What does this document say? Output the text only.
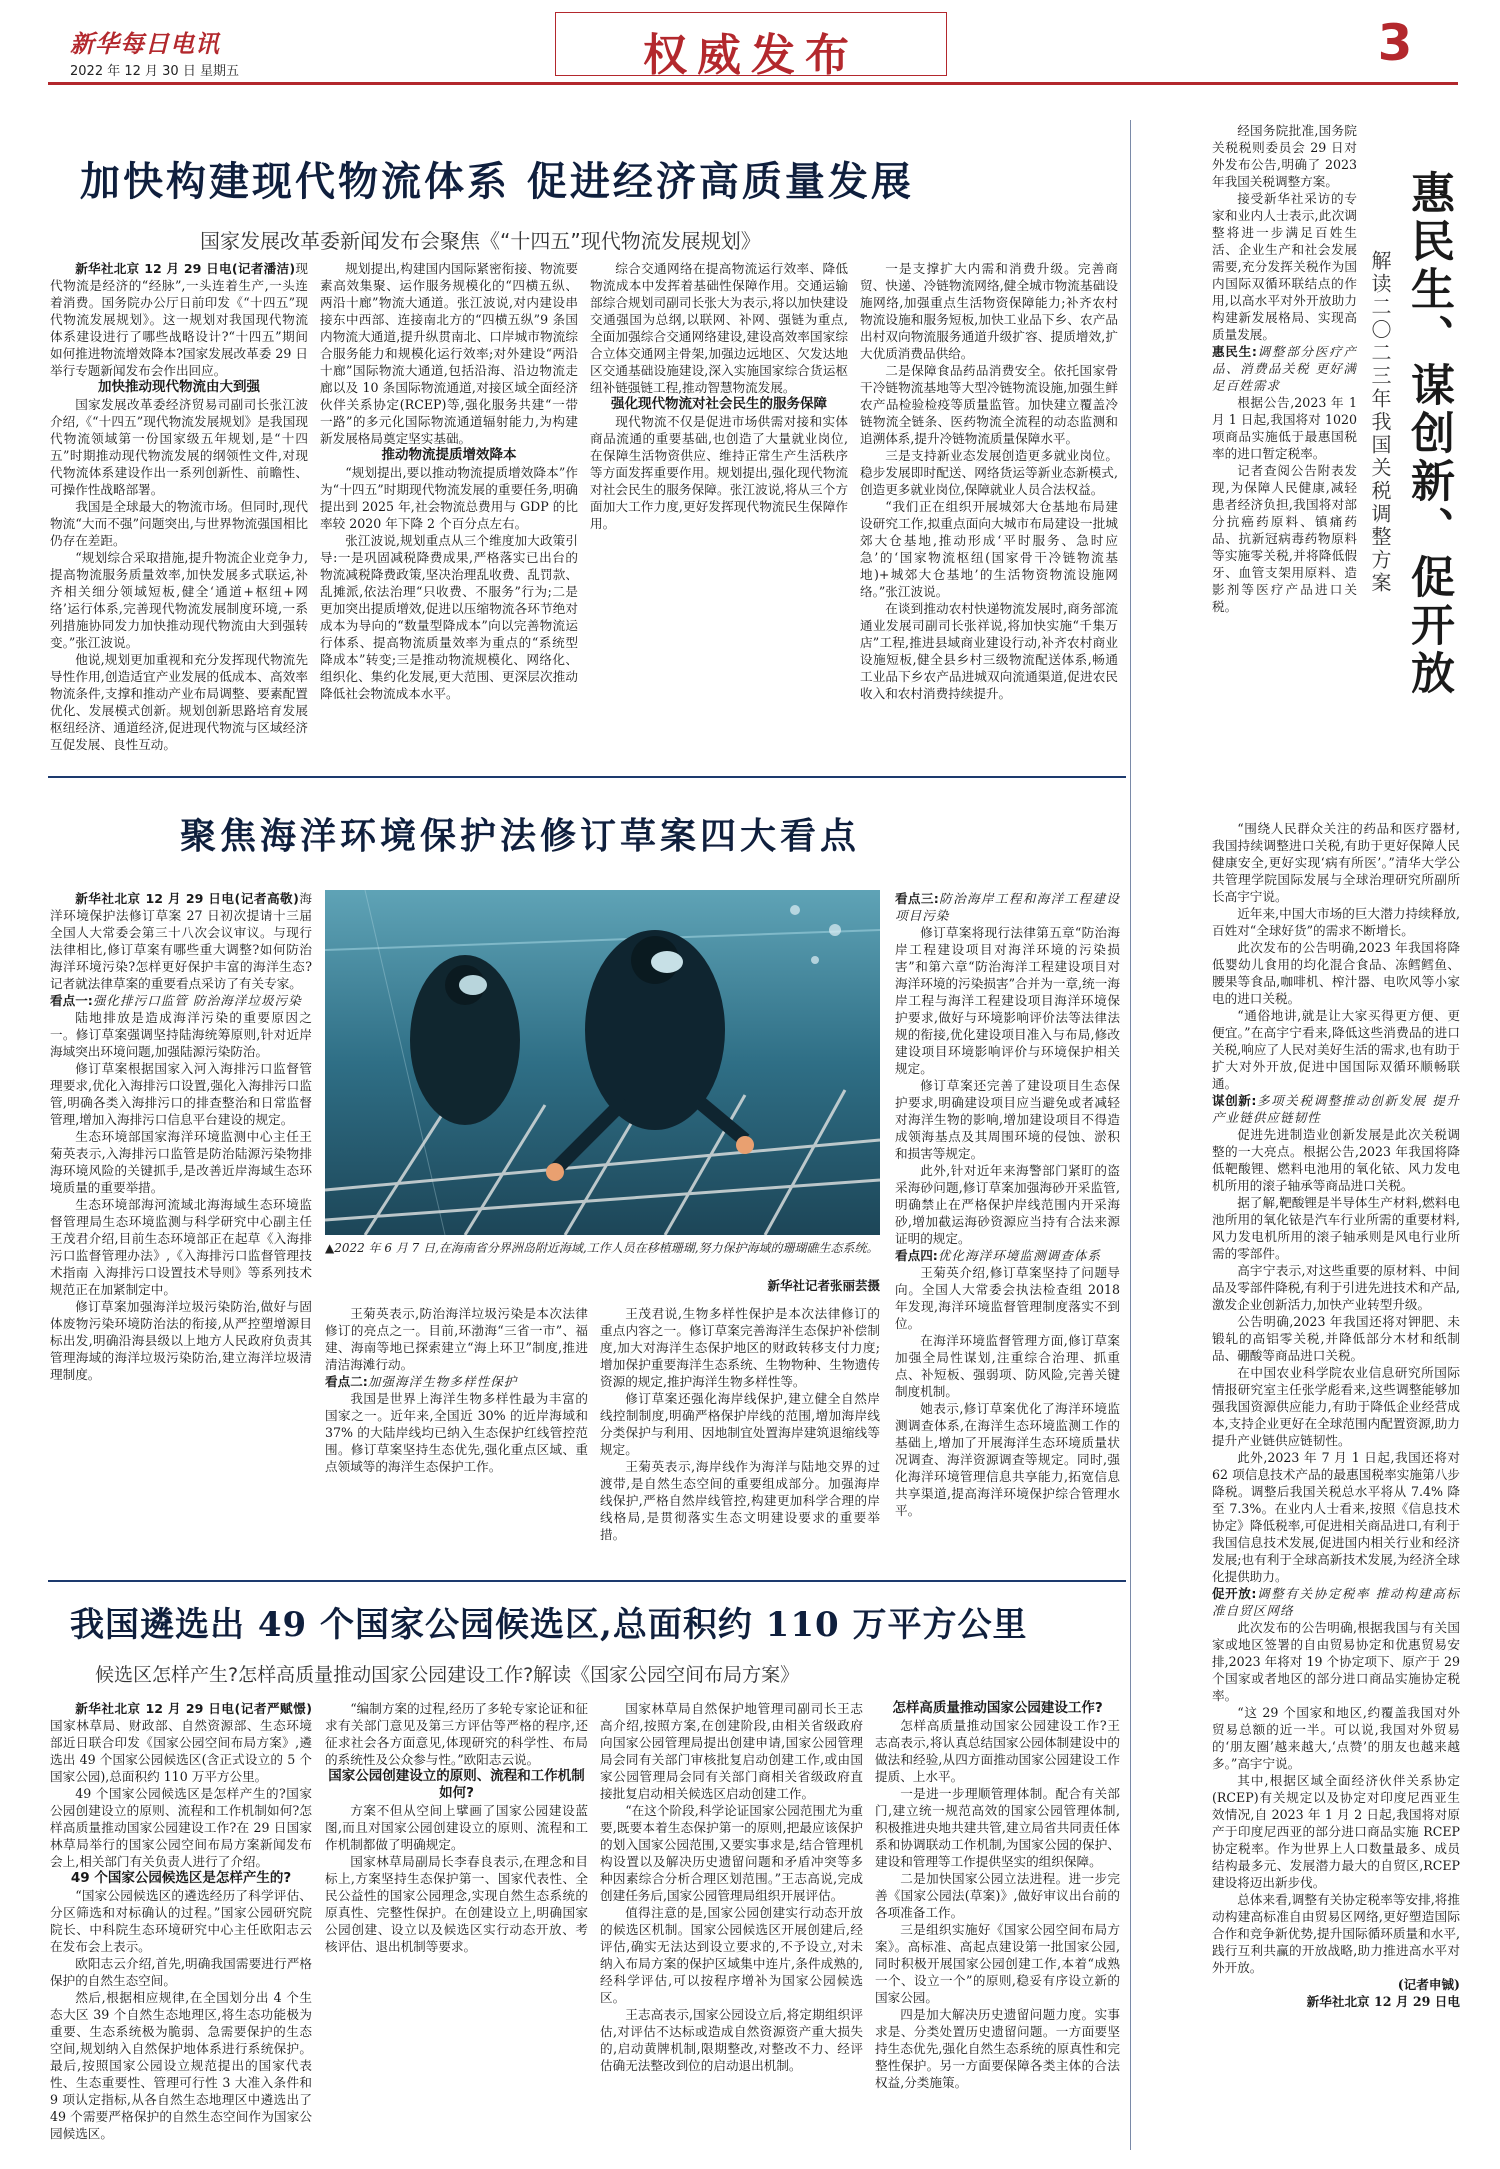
新华每日电讯
2022 年 12 月 30 日 星期五	权威发布	3
加快构建现代物流体系 促进经济高质量发展
国家发展改革委新闻发布会聚焦《“十四五”现代物流发展规划》

新华社北京 12 月 29 日电(记者潘洁)现代物流是经济的“经脉”,一头连着生产,一头连着消费。国务院办公厅日前印发《“十四五”现代物流发展规划》。这一规划对我国现代物流体系建设进行了哪些战略设计?“十四五”期间如何推进物流增效降本?国家发展改革委 29 日举行专题新闻发布会作出回应。

加快推动现代物流由大到强

国家发展改革委经济贸易司副司长张江波介绍,《“十四五”现代物流发展规划》是我国现代物流领域第一份国家级五年规划,是“十四五”时期推动现代物流发展的纲领性文件,对现代物流体系建设作出一系列创新性、前瞻性、可操作性战略部署。

我国是全球最大的物流市场。但同时,现代物流“大而不强”问题突出,与世界物流强国相比仍存在差距。

“规划综合采取措施,提升物流企业竞争力,提高物流服务质量效率,加快发展多式联运,补齐相关细分领域短板,健全‘通道+枢纽+网络’运行体系,完善现代物流发展制度环境,一系列措施协同发力加快推动现代物流由大到强转变。”张江波说。

他说,规划更加重视和充分发挥现代物流先导性作用,创造适宜产业发展的低成本、高效率物流条件,支撑和推动产业布局调整、要素配置优化、发展模式创新。规划创新思路培育发展枢纽经济、通道经济,促进现代物流与区域经济互促发展、良性互动。

规划提出,构建国内国际紧密衔接、物流要素高效集聚、运作服务规模化的“四横五纵、两沿十廊”物流大通道。张江波说,对内建设串接东中西部、连接南北方的“四横五纵”9 条国内物流大通道,提升纵贯南北、口岸城市物流综合服务能力和规模化运行效率;对外建设“两沿十廊”国际物流大通道,包括沿海、沿边物流走廊以及 10 条国际物流通道,对接区域全面经济伙伴关系协定(RCEP)等,强化服务共建“一带一路”的多元化国际物流通道辐射能力,为构建新发展格局奠定坚实基础。

推动物流提质增效降本

“规划提出,要以推动物流提质增效降本”作为“十四五”时期现代物流发展的重要任务,明确提出到 2025 年,社会物流总费用与 GDP 的比率较 2020 年下降 2 个百分点左右。

张江波说,规划重点从三个维度加大政策引导:一是巩固减税降费成果,严格落实已出台的物流减税降费政策,坚决治理乱收费、乱罚款、乱摊派,依法治理“只收费、不服务”行为;二是更加突出提质增效,促进以压缩物流各环节绝对成本为导向的“数量型降成本”向以完善物流运行体系、提高物流质量效率为重点的“系统型降成本”转变;三是推动物流规模化、网络化、组织化、集约化发展,更大范围、更深层次推动降低社会物流成本水平。

综合交通网络在提高物流运行效率、降低物流成本中发挥着基础性保障作用。交通运输部综合规划司副司长张大为表示,将以加快建设交通强国为总纲,以联网、补网、强链为重点,全面加强综合交通网络建设,建设高效率国家综合立体交通网主骨架,加强边远地区、欠发达地区交通基础设施建设,深入实施国家综合货运枢纽补链强链工程,推动智慧物流发展。

强化现代物流对社会民生的服务保障

现代物流不仅是促进市场供需对接和实体商品流通的重要基础,也创造了大量就业岗位,在保障生活物资供应、维持正常生产生活秩序等方面发挥重要作用。规划提出,强化现代物流对社会民生的服务保障。张江波说,将从三个方面加大工作力度,更好发挥现代物流民生保障作用。

一是支撑扩大内需和消费升级。完善商贸、快递、冷链物流网络,健全城市物流基础设施网络,加强重点生活物资保障能力;补齐农村物流设施和服务短板,加快工业品下乡、农产品出村双向物流服务通道升级扩容、提质增效,扩大优质消费品供给。

二是保障食品药品消费安全。依托国家骨干冷链物流基地等大型冷链物流设施,加强生鲜农产品检验检疫等质量监管。加快建立覆盖冷链物流全链条、医药物流全流程的动态监测和追溯体系,提升冷链物流质量保障水平。

三是支持新业态发展创造更多就业岗位。稳步发展即时配送、网络货运等新业态新模式,创造更多就业岗位,保障就业人员合法权益。

“我们正在组织开展城郊大仓基地布局建设研究工作,拟重点面向大城市布局建设一批城郊大仓基地,推动形成‘平时服务、急时应急’的‘国家物流枢纽(国家骨干冷链物流基地)+城郊大仓基地’的生活物资物流设施网络。”张江波说。

在谈到推动农村快递物流发展时,商务部流通业发展司副司长张祥说,将加快实施“千集万店”工程,推进县域商业建设行动,补齐农村商业设施短板,健全县乡村三级物流配送体系,畅通工业品下乡农产品进城双向流通渠道,促进农民收入和农村消费持续提升。

经国务院批准,国务院关税税则委员会 29 日对外发布公告,明确了 2023 年我国关税调整方案。

接受新华社采访的专家和业内人士表示,此次调整将进一步满足百姓生活、企业生产和社会发展需要,充分发挥关税作为国内国际双循环联结点的作用,以高水平对外开放助力构建新发展格局、实现高质量发展。

惠民生:调整部分医疗产品、消费品关税 更好满足百姓需求

根据公告,2023 年 1 月 1 日起,我国将对 1020 项商品实施低于最惠国税率的进口暂定税率。

记者查阅公告附表发现,为保障人民健康,减轻患者经济负担,我国将对部分抗癌药原料、镇痛药品、抗新冠病毒药物原料等实施零关税,并将降低假牙、血管支架用原料、造影剂等医疗产品进口关税。	惠民生、谋创新、促开放
解读二〇二三年我国关税调整方案

“围绕人民群众关注的药品和医疗器材,我国持续调整进口关税,有助于更好保障人民健康安全,更好实现‘病有所医’。”清华大学公共管理学院国际发展与全球治理研究所副所长高宇宁说。

近年来,中国大市场的巨大潜力持续释放,百姓对“全球好货”的需求不断增长。

此次发布的公告明确,2023 年我国将降低婴幼儿食用的均化混合食品、冻鳕鳕鱼、腰果等食品,咖啡机、榨汁器、电吹风等小家电的进口关税。

“通俗地讲,就是让大家买得更方便、更便宜。”在高宇宁看来,降低这些消费品的进口关税,响应了人民对美好生活的需求,也有助于扩大对外开放,促进中国国际双循环顺畅联通。

谋创新:多项关税调整推动创新发展 提升产业链供应链韧性

促进先进制造业创新发展是此次关税调整的一大亮点。根据公告,2023 年我国将降低靶酸锂、燃料电池用的氧化铱、风力发电机所用的滚子轴承等商品进口关税。

据了解,靶酸锂是半导体生产材料,燃料电池所用的氧化铱是汽车行业所需的重要材料,风力发电机所用的滚子轴承则是风电行业所需的零部件。

高宇宁表示,对这些重要的原材料、中间品及零部件降税,有利于引进先进技术和产品,激发企业创新活力,加快产业转型升级。

公告明确,2023 年我国还将对钾肥、未锻轧的高铝零关税,并降低部分木材和纸制品、硼酸等商品进口关税。

在中国农业科学院农业信息研究所国际情报研究室主任张学彪看来,这些调整能够加强我国资源供应能力,有助于降低企业经营成本,支持企业更好在全球范围内配置资源,助力提升产业链供应链韧性。

此外,2023 年 7 月 1 日起,我国还将对 62 项信息技术产品的最惠国税率实施第八步降税。调整后我国关税总水平将从 7.4% 降至 7.3%。在业内人士看来,按照《信息技术协定》降低税率,可促进相关商品进口,有利于我国信息技术发展,促进国内相关行业和经济发展;也有利于全球高新技术发展,为经济全球化提供助力。

促开放:调整有关协定税率 推动构建高标准自贸区网络

此次发布的公告明确,根据我国与有关国家或地区签署的自由贸易协定和优惠贸易安排,2023 年将对 19 个协定项下、原产于 29 个国家或者地区的部分进口商品实施协定税率。

“这 29 个国家和地区,约覆盖我国对外贸易总额的近一半。可以说,我国对外贸易的‘朋友圈’越来越大,‘点赞’的朋友也越来越多。”高宇宁说。

其中,根据区域全面经济伙伴关系协定(RCEP)有关规定以及协定对印度尼西亚生效情况,自 2023 年 1 月 2 日起,我国将对原产于印度尼西亚的部分进口商品实施 RCEP 协定税率。作为世界上人口数量最多、成员结构最多元、发展潜力最大的自贸区,RCEP 建设将迈出新步伐。

总体来看,调整有关协定税率等安排,将推动构建高标准自由贸易区网络,更好塑造国际合作和竞争新优势,提升国际循环质量和水平,践行互利共赢的开放战略,助力推进高水平对外开放。

(记者申铖)

新华社北京 12 月 29 日电

聚焦海洋环境保护法修订草案四大看点

新华社北京 12 月 29 日电(记者高敬)海洋环境保护法修订草案 27 日初次提请十三届全国人大常委会第三十八次会议审议。与现行法律相比,修订草案有哪些重大调整?如何防治海洋环境污染?怎样更好保护丰富的海洋生态?记者就法律草案的重要看点采访了有关专家。

看点一:强化排污口监管 防治海洋垃圾污染

陆地排放是造成海洋污染的重要原因之一。修订草案强调坚持陆海统筹原则,针对近岸海域突出环境问题,加强陆源污染防治。

修订草案根据国家入河入海排污口监督管理要求,优化入海排污口设置,强化入海排污口监管,明确各类入海排污口的排查整治和日常监督管理,增加入海排污口信息平台建设的规定。

生态环境部国家海洋环境监测中心主任王菊英表示,入海排污口监管是防治陆源污染物排海环境风险的关键抓手,是改善近岸海域生态环境质量的重要举措。

生态环境部海河流域北海海域生态环境监督管理局生态环境监测与科学研究中心副主任王茂君介绍,目前生态环境部正在起草《入海排污口监督管理办法》,《入海排污口监督管理技术指南 入海排污口设置技术导则》等系列技术规范正在加紧制定中。

修订草案加强海洋垃圾污染防治,做好与固体废物污染环境防治法的衔接,从严控塑增源目标出发,明确沿海县级以上地方人民政府负责其管理海域的海洋垃圾污染防治,建立海洋垃圾清理制度。

▲2022 年 6 月 7 日,在海南省分界洲岛附近海域,工作人员在移植珊瑚,努力保护海域的珊瑚礁生态系统。
新华社记者张丽芸摄

王菊英表示,防治海洋垃圾污染是本次法律修订的亮点之一。目前,环渤海“三省一市”、福建、海南等地已探索建立“海上环卫”制度,推进清洁海滩行动。

看点二:加强海洋生物多样性保护

我国是世界上海洋生物多样性最为丰富的国家之一。近年来,全国近 30% 的近岸海域和 37% 的大陆岸线均已纳入生态保护红线管控范围。修订草案坚持生态优先,强化重点区域、重点领域等的海洋生态保护工作。

王茂君说,生物多样性保护是本次法律修订的重点内容之一。修订草案完善海洋生态保护补偿制度,加大对海洋生态保护地区的财政转移支付力度;增加保护重要海洋生态系统、生物物种、生物遗传资源的规定,推护海洋生物多样性等。

修订草案还强化海岸线保护,建立健全自然岸线控制制度,明确严格保护岸线的范围,增加海岸线分类保护与利用、因地制宜处置海岸建筑退缩线等规定。

王菊英表示,海岸线作为海洋与陆地交界的过渡带,是自然生态空间的重要组成部分。加强海岸线保护,严格自然岸线管控,构建更加科学合理的岸线格局,是贯彻落实生态文明建设要求的重要举措。

看点三:防治海岸工程和海洋工程建设项目污染

修订草案将现行法律第五章“防治海岸工程建设项目对海洋环境的污染损害”和第六章“防治海洋工程建设项目对海洋环境的污染损害”合并为一章,统一海岸工程与海洋工程建设项目海洋环境保护要求,做好与环境影响评价法等法律法规的衔接,优化建设项目准入与布局,修改建设项目环境影响评价与环境保护相关规定。

修订草案还完善了建设项目生态保护要求,明确建设项目应当避免或者减轻对海洋生物的影响,增加建设项目不得造成领海基点及其周围环境的侵蚀、淤积和损害等规定。

此外,针对近年来海警部门紧盯的盗采海砂问题,修订草案加强海砂开采监管,明确禁止在严格保护岸线范围内开采海砂,增加截运海砂资源应当持有合法来源证明的规定。

看点四:优化海洋环境监测调查体系

王菊英介绍,修订草案坚持了问题导向。全国人大常委会执法检查组 2018 年发现,海洋环境监督管理制度落实不到位。

在海洋环境监督管理方面,修订草案加强全局性谋划,注重综合治理、抓重点、补短板、强弱项、防风险,完善关键制度机制。

她表示,修订草案优化了海洋环境监测调查体系,在海洋生态环境监测工作的基础上,增加了开展海洋生态环境质量状况调查、海洋资源调查等规定。同时,强化海洋环境管理信息共享能力,拓宽信息共享渠道,提高海洋环境保护综合管理水平。

我国遴选出 49 个国家公园候选区,总面积约 110 万平方公里
候选区怎样产生?怎样高质量推动国家公园建设工作?解读《国家公园空间布局方案》

新华社北京 12 月 29 日电(记者严赋憬)国家林草局、财政部、自然资源部、生态环境部近日联合印发《国家公园空间布局方案》,遴选出 49 个国家公园候选区(含正式设立的 5 个国家公园),总面积约 110 万平方公里。

49 个国家公园候选区是怎样产生的?国家公园创建设立的原则、流程和工作机制如何?怎样高质量推动国家公园建设工作?在 29 日国家林草局举行的国家公园空间布局方案新闻发布会上,相关部门有关负责人进行了介绍。

49 个国家公园候选区是怎样产生的?

“国家公园候选区的遴选经历了科学评估、分区筛选和对标确认的过程。”国家公园研究院院长、中科院生态环境研究中心主任欧阳志云在发布会上表示。

欧阳志云介绍,首先,明确我国需要进行严格保护的自然生态空间。

然后,根据相应规律,在全国划分出 4 个生态大区 39 个自然生态地理区,将生态功能极为重要、生态系统极为脆弱、急需要保护的生态空间,规划纳入自然保护地体系进行系统保护。最后,按照国家公园设立规范提出的国家代表性、生态重要性、管理可行性 3 大准入条件和 9 项认定指标,从各自然生态地理区中遴选出了 49 个需要严格保护的自然生态空间作为国家公园候选区。

“编制方案的过程,经历了多轮专家论证和征求有关部门意见及第三方评估等严格的程序,还征求社会各方面意见,体现研究的科学性、布局的系统性及公众参与性。”欧阳志云说。

国家公园创建设立的原则、流程和工作机制如何?

方案不但从空间上擘画了国家公园建设蓝图,而且对国家公园创建设立的原则、流程和工作机制都做了明确规定。

国家林草局副局长李春良表示,在理念和目标上,方案坚持生态保护第一、国家代表性、全民公益性的国家公园理念,实现自然生态系统的原真性、完整性保护。在创建设立上,明确国家公园创建、设立以及候选区实行动态开放、考核评估、退出机制等要求。

国家林草局自然保护地管理司副司长王志高介绍,按照方案,在创建阶段,由相关省级政府向国家公园管理局提出创建申请,国家公园管理局会同有关部门审核批复启动创建工作,或由国家公园管理局会同有关部门商相关省级政府直接批复启动相关候选区启动创建工作。

“在这个阶段,科学论证国家公园范围尤为重要,既要本着生态保护第一的原则,把最应该保护的划入国家公园范围,又要实事求是,结合管理机构设置以及解决历史遗留问题和矛盾冲突等多种因素综合分析合理区划范围。”王志高说,完成创建任务后,国家公园管理局组织开展评估。

值得注意的是,国家公园创建实行动态开放的候选区机制。国家公园候选区开展创建后,经评估,确实无法达到设立要求的,不予设立,对未纳入布局方案的保护区域集中连片,条件成熟的,经科学评估,可以按程序增补为国家公园候选区。

王志高表示,国家公园设立后,将定期组织评估,对评估不达标或造成自然资源资产重大损失的,启动黄牌机制,限期整改,对整改不力、经评估确无法整改到位的启动退出机制。

怎样高质量推动国家公园建设工作?

怎样高质量推动国家公园建设工作?王志高表示,将认真总结国家公园体制建设中的做法和经验,从四方面推动国家公园建设工作提质、上水平。

一是进一步理顺管理体制。配合有关部门,建立统一规范高效的国家公园管理体制,积极推进央地共建共管,建立局省共同责任体系和协调联动工作机制,为国家公园的保护、建设和管理等工作提供坚实的组织保障。

二是加快国家公园立法进程。进一步完善《国家公园法(草案)》,做好审议出台前的各项准备工作。

三是组织实施好《国家公园空间布局方案》。高标准、高起点建设第一批国家公园,同时积极开展国家公园创建工作,本着“成熟一个、设立一个”的原则,稳妥有序设立新的国家公园。

四是加大解决历史遗留问题力度。实事求是、分类处置历史遗留问题。一方面要坚持生态优先,强化自然生态系统的原真性和完整性保护。另一方面要保障各类主体的合法权益,分类施策。
